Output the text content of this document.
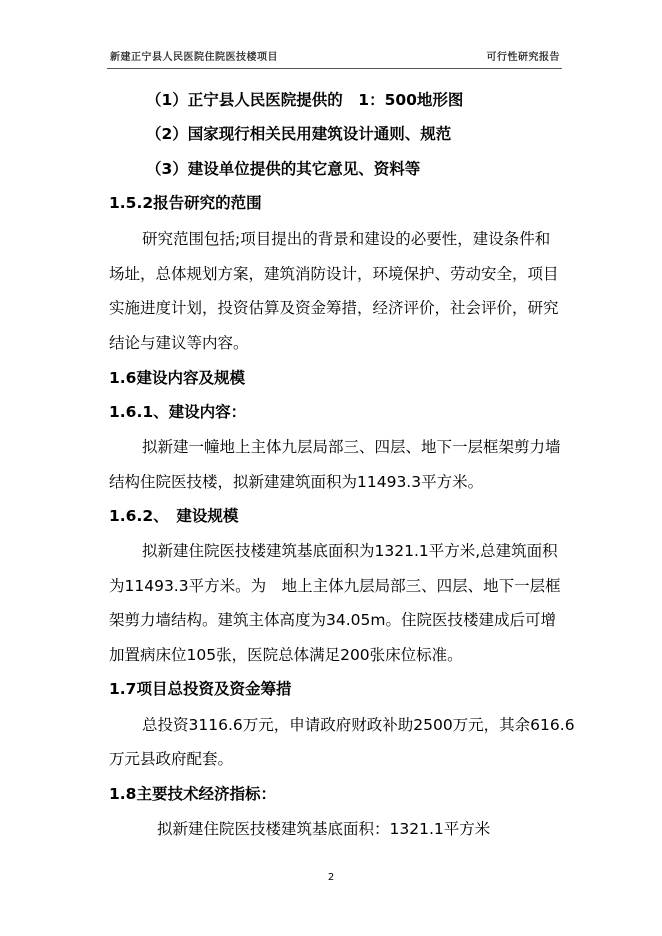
新建正宁县人民医院住院医技楼项目	可行性研究报告
（1）正宁县人民医院提供的　1：500地形图
（2）国家现行相关民用建筑设计通则、规范
（3）建设单位提供的其它意见、资料等
1.5.2报告研究的范围
研究范围包括;项目提出的背景和建设的必要性，建设条件和
场址，总体规划方案，建筑消防设计，环境保护、劳动安全，项目
实施进度计划，投资估算及资金筹措，经济评价，社会评价，研究
结论与建议等内容。
1.6建设内容及规模
1.6.1、建设内容：
拟新建一幢地上主体九层局部三、四层、地下一层框架剪力墙
结构住院医技楼，拟新建建筑面积为11493.3平方米。
1.6.2、　建设规模
拟新建住院医技楼建筑基底面积为1321.1平方米,总建筑面积
为11493.3平方米。为　地上主体九层局部三、四层、地下一层框
架剪力墙结构。建筑主体高度为34.05m。住院医技楼建成后可增
加置病床位105张，医院总体满足200张床位标准。
1.7项目总投资及资金筹措
总投资3116.6万元，申请政府财政补助2500万元，其余616.6
万元县政府配套。
1.8主要技术经济指标：
拟新建住院医技楼建筑基底面积：1321.1平方米
2
